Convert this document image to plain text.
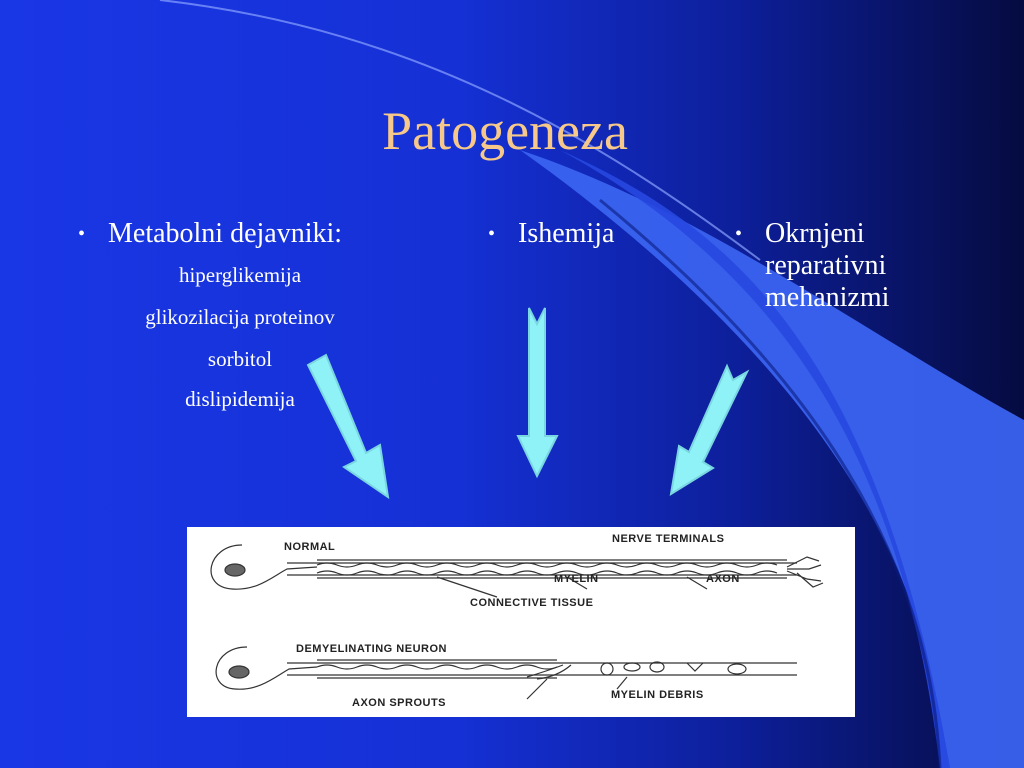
Patogeneza
• Metabolni dejavniki:
hiperglikemija
glikozilacija proteinov
sorbitol
dislipidemija
• Ishemija	• Okrnjeni
reparativni
mehanizmi
NORMAL
NERVE TERMINALS
MYELIN	AXON
CONNECTIVE TISSUE
DEMYELINATING NEURON
MYELIN DEBRIS
AXON SPROUTS
